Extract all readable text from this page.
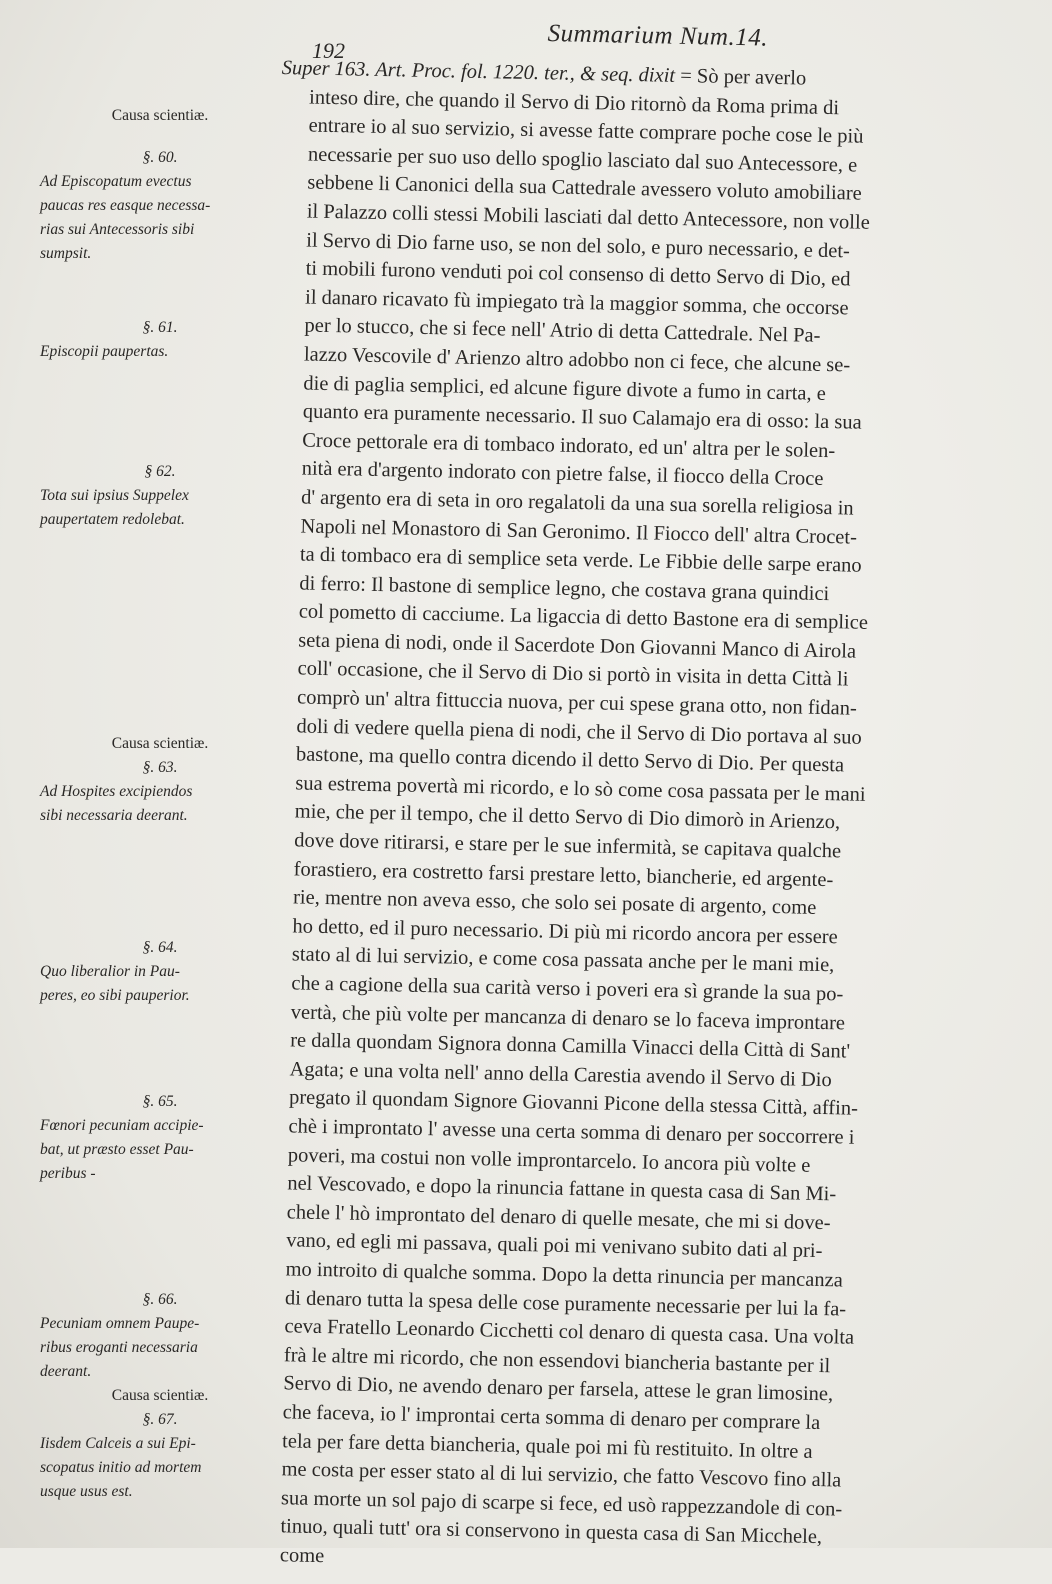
192	Summarium Num.14.
Causa scientiæ.
§. 60.
Ad Episcopatum evectus
paucas res easque necessa-
rias sui Antecessoris sibi
sumpsit.
§. 61.
Episcopii paupertas.
§ 62.
Tota sui ipsius Suppelex
paupertatem redolebat.
Causa scientiæ.
§. 63.
Ad Hospites excipiendos
sibi necessaria deerant.
§. 64.
Quo liberalior in Pau-
peres, eo sibi pauperior.
§. 65.
Fœnori pecuniam accipie-
bat, ut præsto esset Pau-
peribus -
§. 66.
Pecuniam omnem Paupe-
ribus eroganti necessaria
deerant.
Causa scientiæ.
§. 67.
Iisdem Calceis a sui Epi-
scopatus initio ad mortem
usque usus est.
Super 163. Art. Proc. fol. 1220. ter., & seq. dixit = Sò per averlo
inteso dire, che quando il Servo di Dio ritornò da Roma prima di
entrare io al suo servizio, si avesse fatte comprare poche cose le più
necessarie per suo uso dello spoglio lasciato dal suo Antecessore, e
sebbene li Canonici della sua Cattedrale avessero voluto amobiliare
il Palazzo colli stessi Mobili lasciati dal detto Antecessore, non volle
il Servo di Dio farne uso, se non del solo, e puro necessario, e det-
ti mobili furono venduti poi col consenso di detto Servo di Dio, ed
il danaro ricavato fù impiegato trà la maggior somma, che occorse
per lo stucco, che si fece nell' Atrio di detta Cattedrale. Nel Pa-
lazzo Vescovile d' Arienzo altro adobbo non ci fece, che alcune se-
die di paglia semplici, ed alcune figure divote a fumo in carta, e
quanto era puramente necessario. Il suo Calamajo era di osso: la sua
Croce pettorale era di tombaco indorato, ed un' altra per le solen-
nità era d'argento indorato con pietre false, il fiocco della Croce
d' argento era di seta in oro regalatoli da una sua sorella religiosa in
Napoli nel Monastoro di San Geronimo. Il Fiocco dell' altra Crocet-
ta di tombaco era di semplice seta verde. Le Fibbie delle sarpe erano
di ferro: Il bastone di semplice legno, che costava grana quindici
col pometto di cacciume. La ligaccia di detto Bastone era di semplice
seta piena di nodi, onde il Sacerdote Don Giovanni Manco di Airola
coll' occasione, che il Servo di Dio si portò in visita in detta Città li
comprò un' altra fittuccia nuova, per cui spese grana otto, non fidan-
doli di vedere quella piena di nodi, che il Servo di Dio portava al suo
bastone, ma quello contra dicendo il detto Servo di Dio. Per questa
sua estrema povertà mi ricordo, e lo sò come cosa passata per le mani
mie, che per il tempo, che il detto Servo di Dio dimorò in Arienzo,
dove dove ritirarsi, e stare per le sue infermità, se capitava qualche
forastiero, era costretto farsi prestare letto, biancherie, ed argente-
rie, mentre non aveva esso, che solo sei posate di argento, come
ho detto, ed il puro necessario. Di più mi ricordo ancora per essere
stato al di lui servizio, e come cosa passata anche per le mani mie,
che a cagione della sua carità verso i poveri era sì grande la sua po-
vertà, che più volte per mancanza di denaro se lo faceva improntare
re dalla quondam Signora donna Camilla Vinacci della Città di Sant'
Agata; e una volta nell' anno della Carestia avendo il Servo di Dio
pregato il quondam Signore Giovanni Picone della stessa Città, affin-
chè i improntato l' avesse una certa somma di denaro per soccorrere i
poveri, ma costui non volle improntarcelo. Io ancora più volte e
nel Vescovado, e dopo la rinuncia fattane in questa casa di San Mi-
chele l' hò improntato del denaro di quelle mesate, che mi si dove-
vano, ed egli mi passava, quali poi mi venivano subito dati al pri-
mo introito di qualche somma. Dopo la detta rinuncia per mancanza
di denaro tutta la spesa delle cose puramente necessarie per lui la fa-
ceva Fratello Leonardo Cicchetti col denaro di questa casa. Una volta
frà le altre mi ricordo, che non essendovi biancheria bastante per il
Servo di Dio, ne avendo denaro per farsela, attese le gran limosine,
che faceva, io l' improntai certa somma di denaro per comprare la
tela per fare detta biancheria, quale poi mi fù restituito. In oltre a
me costa per esser stato al di lui servizio, che fatto Vescovo fino alla
sua morte un sol pajo di scarpe si fece, ed usò rappezzandole di con-
tinuo, quali tutt' ora si conservono in questa casa di San Micchele,
come
